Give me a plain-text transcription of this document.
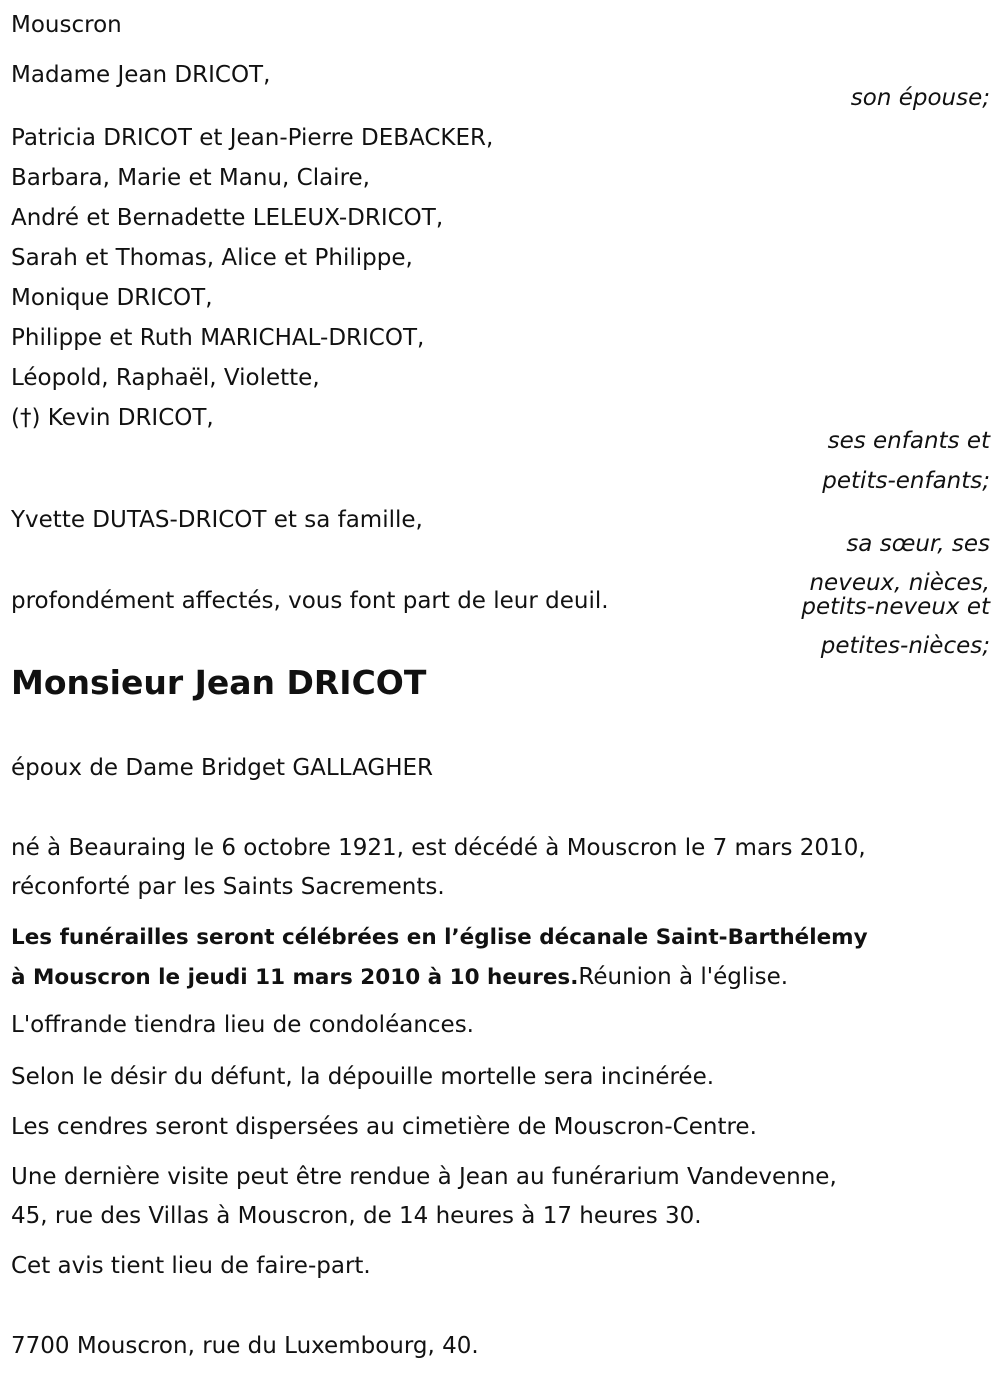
Mouscron
Madame Jean DRICOT,
son épouse;
Patricia DRICOT et Jean-Pierre DEBACKER,
Barbara, Marie et Manu, Claire,
André et Bernadette LELEUX-DRICOT,
Sarah et Thomas, Alice et Philippe,
Monique DRICOT,
Philippe et Ruth MARICHAL-DRICOT,
Léopold, Raphaël, Violette,
(†) Kevin DRICOT,
ses enfants et
petits-enfants;
Yvette DUTAS-DRICOT et sa famille,
sa sœur, ses
neveux, nièces,
petits-neveux et
petites-nièces;
profondément affectés, vous font part de leur deuil.
Monsieur Jean DRICOT
époux de Dame Bridget GALLAGHER
né à Beauraing le 6 octobre 1921, est décédé à Mouscron le 7 mars 2010,
réconforté par les Saints Sacrements.
Les funérailles seront célébrées en l’église décanale Saint-Barthélemy
à Mouscron le jeudi 11 mars 2010 à 10 heures.Réunion à l'église.
L'offrande tiendra lieu de condoléances.
Selon le désir du défunt, la dépouille mortelle sera incinérée.
Les cendres seront dispersées au cimetière de Mouscron-Centre.
Une dernière visite peut être rendue à Jean au funérarium Vandevenne,
45, rue des Villas à Mouscron, de 14 heures à 17 heures 30.
Cet avis tient lieu de faire-part.
7700 Mouscron, rue du Luxembourg, 40.
